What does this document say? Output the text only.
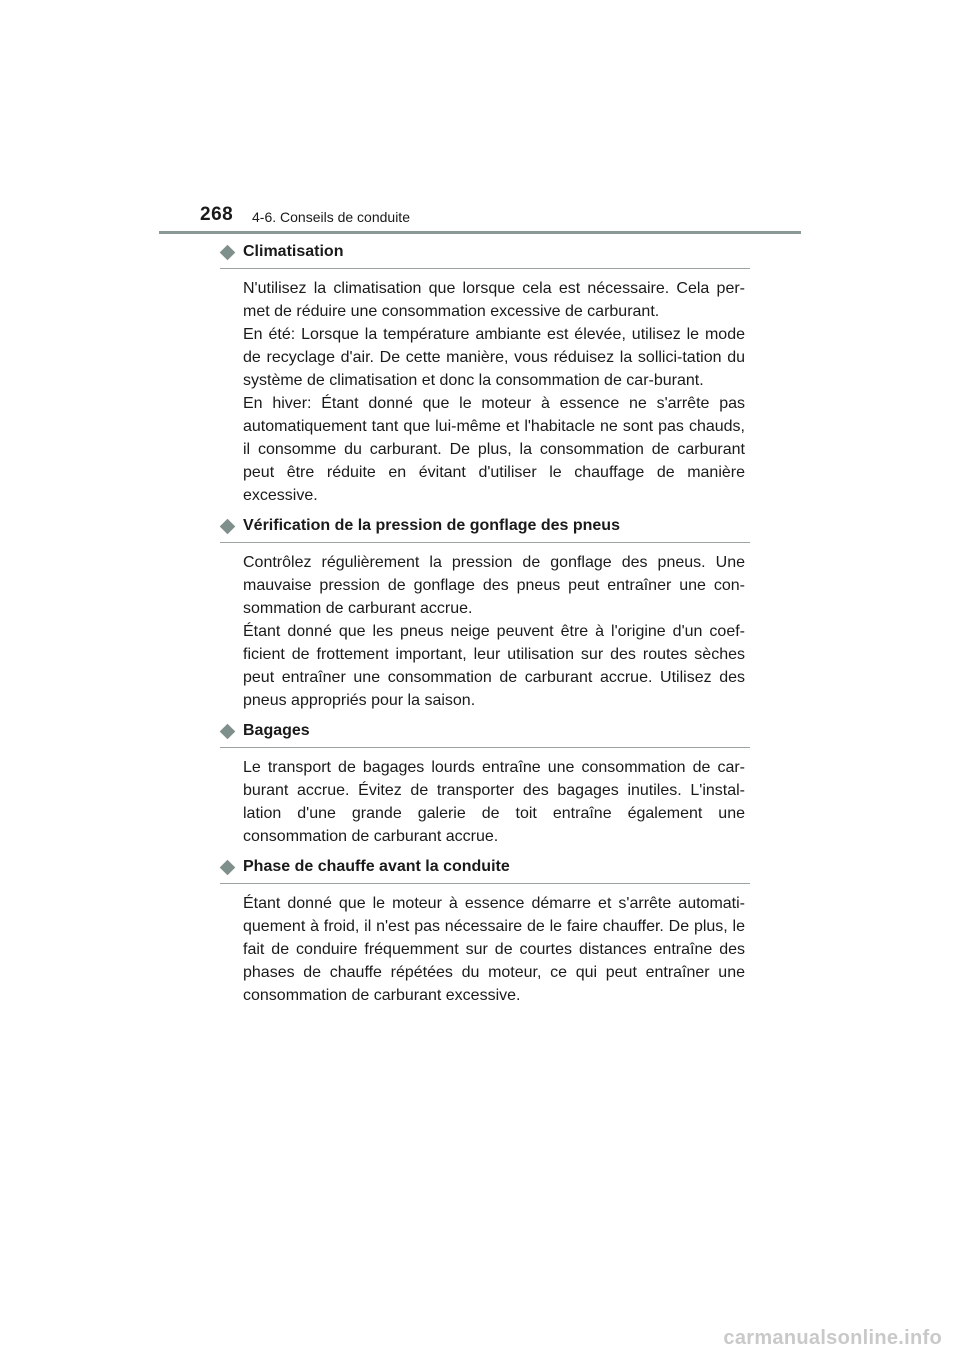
268 4-6. Conseils de conduite
Climatisation

N'utilisez la climatisation que lorsque cela est nécessaire. Cela per-met de réduire une consommation excessive de carburant.

En été: Lorsque la température ambiante est élevée, utilisez le mode de recyclage d'air. De cette manière, vous réduisez la sollici-tation du système de climatisation et donc la consommation de car-burant.

En hiver: Étant donné que le moteur à essence ne s'arrête pas automatiquement tant que lui-même et l'habitacle ne sont pas chauds, il consomme du carburant. De plus, la consommation de carburant peut être réduite en évitant d'utiliser le chauffage de manière excessive.

Vérification de la pression de gonflage des pneus

Contrôlez régulièrement la pression de gonflage des pneus. Une mauvaise pression de gonflage des pneus peut entraîner une con-sommation de carburant accrue.

Étant donné que les pneus neige peuvent être à l'origine d'un coef-ficient de frottement important, leur utilisation sur des routes sèches peut entraîner une consommation de carburant accrue. Utilisez des pneus appropriés pour la saison.

Bagages

Le transport de bagages lourds entraîne une consommation de car-burant accrue. Évitez de transporter des bagages inutiles. L'instal-lation d'une grande galerie de toit entraîne également une consommation de carburant accrue.

Phase de chauffe avant la conduite

Étant donné que le moteur à essence démarre et s'arrête automati-quement à froid, il n'est pas nécessaire de le faire chauffer. De plus, le fait de conduire fréquemment sur de courtes distances entraîne des phases de chauffe répétées du moteur, ce qui peut entraîner une consommation de carburant excessive.

carmanualsonline.info
